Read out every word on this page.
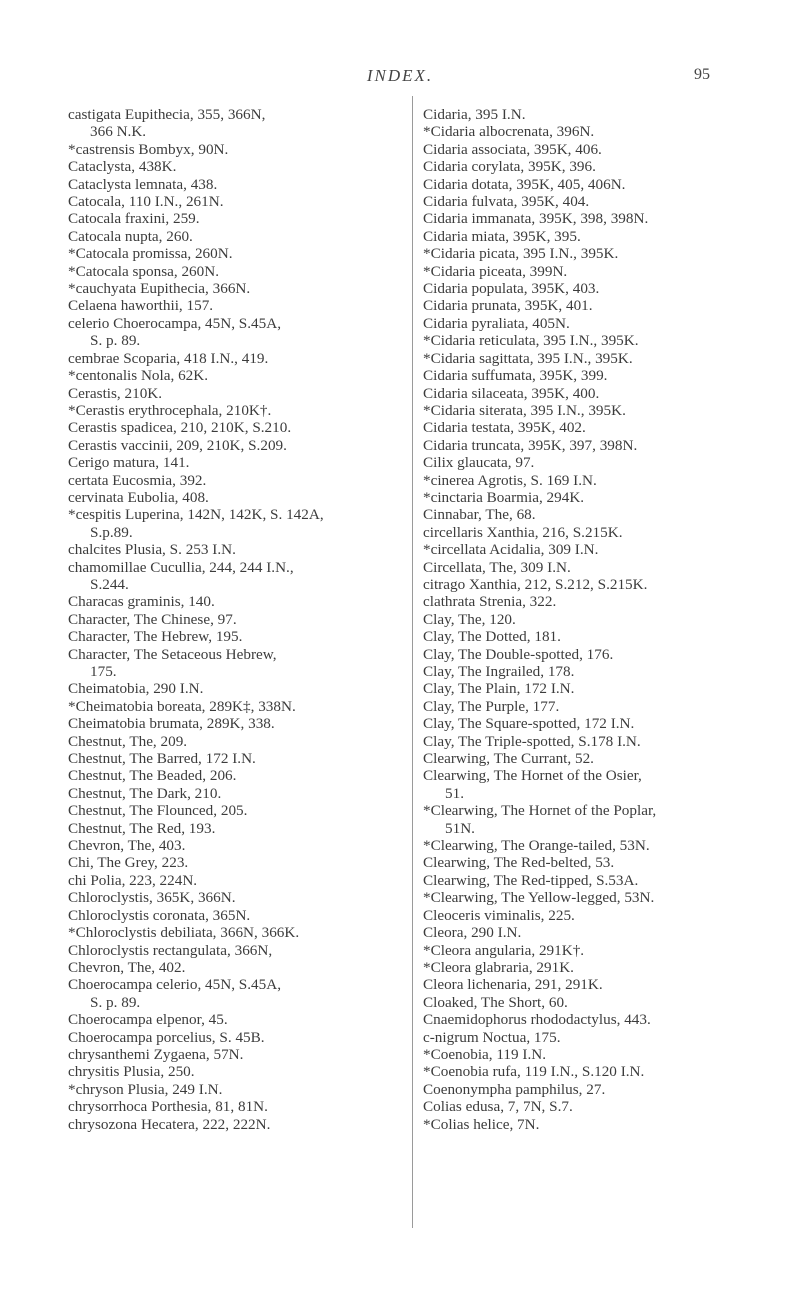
INDEX.	95
castigata Eupithecia, 355, 366N,
366 N.K.
*castrensis Bombyx, 90N.
Cataclysta, 438K.
Cataclysta lemnata, 438.
Catocala, 110 I.N., 261N.
Catocala fraxini, 259.
Catocala nupta, 260.
*Catocala promissa, 260N.
*Catocala sponsa, 260N.
*cauchyata Eupithecia, 366N.
Celaena haworthii, 157.
celerio Choerocampa, 45N, S.45A,
S. p. 89.
cembrae Scoparia, 418 I.N., 419.
*centonalis Nola, 62K.
Cerastis, 210K.
*Cerastis erythrocephala, 210K†.
Cerastis spadicea, 210, 210K, S.210.
Cerastis vaccinii, 209, 210K, S.209.
Cerigo matura, 141.
certata Eucosmia, 392.
cervinata Eubolia, 408.
*cespitis Luperina, 142N, 142K, S. 142A,
S.p.89.
chalcites Plusia, S. 253 I.N.
chamomillae Cucullia, 244, 244 I.N.,
S.244.
Characas graminis, 140.
Character, The Chinese, 97.
Character, The Hebrew, 195.
Character, The Setaceous Hebrew,
175.
Cheimatobia, 290 I.N.
*Cheimatobia boreata, 289K‡, 338N.
Cheimatobia brumata, 289K, 338.
Chestnut, The, 209.
Chestnut, The Barred, 172 I.N.
Chestnut, The Beaded, 206.
Chestnut, The Dark, 210.
Chestnut, The Flounced, 205.
Chestnut, The Red, 193.
Chevron, The, 403.
Chi, The Grey, 223.
chi Polia, 223, 224N.
Chloroclystis, 365K, 366N.
Chloroclystis coronata, 365N.
*Chloroclystis debiliata, 366N, 366K.
Chloroclystis rectangulata, 366N,
Chevron, The, 402.
Choerocampa celerio, 45N, S.45A,
S. p. 89.
Choerocampa elpenor, 45.
Choerocampa porcelius, S. 45B.
chrysanthemi Zygaena, 57N.
chrysitis Plusia, 250.
*chryson Plusia, 249 I.N.
chrysorrhoca Porthesia, 81, 81N.
chrysozona Hecatera, 222, 222N.
Cidaria, 395 I.N.
*Cidaria albocrenata, 396N.
Cidaria associata, 395K, 406.
Cidaria corylata, 395K, 396.
Cidaria dotata, 395K, 405, 406N.
Cidaria fulvata, 395K, 404.
Cidaria immanata, 395K, 398, 398N.
Cidaria miata, 395K, 395.
*Cidaria picata, 395 I.N., 395K.
*Cidaria piceata, 399N.
Cidaria populata, 395K, 403.
Cidaria prunata, 395K, 401.
Cidaria pyraliata, 405N.
*Cidaria reticulata, 395 I.N., 395K.
*Cidaria sagittata, 395 I.N., 395K.
Cidaria suffumata, 395K, 399.
Cidaria silaceata, 395K, 400.
*Cidaria siterata, 395 I.N., 395K.
Cidaria testata, 395K, 402.
Cidaria truncata, 395K, 397, 398N.
Cilix glaucata, 97.
*cinerea Agrotis, S. 169 I.N.
*cinctaria Boarmia, 294K.
Cinnabar, The, 68.
circellaris Xanthia, 216, S.215K.
*circellata Acidalia, 309 I.N.
Circellata, The, 309 I.N.
citrago Xanthia, 212, S.212, S.215K.
clathrata Strenia, 322.
Clay, The, 120.
Clay, The Dotted, 181.
Clay, The Double-spotted, 176.
Clay, The Ingrailed, 178.
Clay, The Plain, 172 I.N.
Clay, The Purple, 177.
Clay, The Square-spotted, 172 I.N.
Clay, The Triple-spotted, S.178 I.N.
Clearwing, The Currant, 52.
Clearwing, The Hornet of the Osier,
51.
*Clearwing, The Hornet of the Poplar,
51N.
*Clearwing, The Orange-tailed, 53N.
Clearwing, The Red-belted, 53.
Clearwing, The Red-tipped, S.53A.
*Clearwing, The Yellow-legged, 53N.
Cleoceris viminalis, 225.
Cleora, 290 I.N.
*Cleora angularia, 291K†.
*Cleora glabraria, 291K.
Cleora lichenaria, 291, 291K.
Cloaked, The Short, 60.
Cnaemidophorus rhododactylus, 443.
c-nigrum Noctua, 175.
*Coenobia, 119 I.N.
*Coenobia rufa, 119 I.N., S.120 I.N.
Coenonympha pamphilus, 27.
Colias edusa, 7, 7N, S.7.
*Colias helice, 7N.
